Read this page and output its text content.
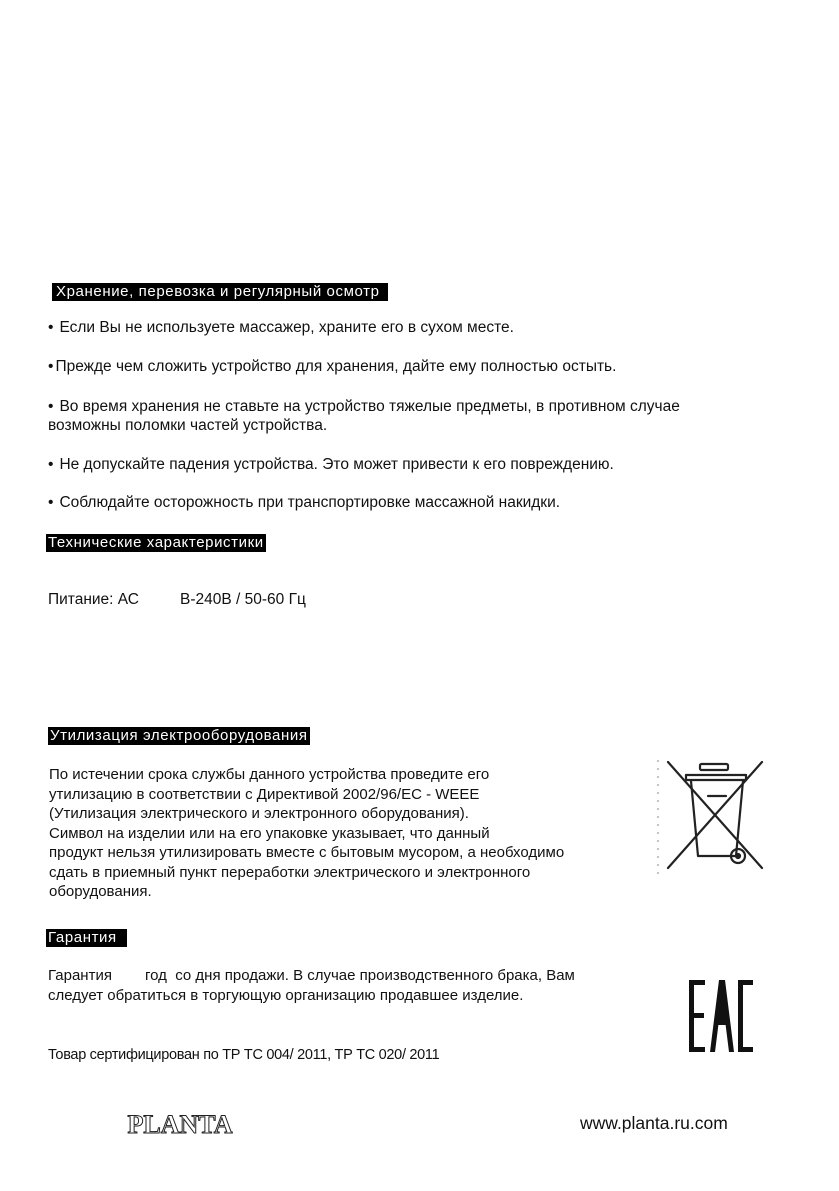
Хранение, перевозка и регулярный осмотр
• Если Вы не используете массажер, храните его в сухом месте.
• Прежде чем сложить устройство для хранения, дайте ему полностью остыть.
• Во время хранения не ставьте на устройство тяжелые предметы, в противном случае
возможны поломки частей устройства.
• Не допускайте падения устройства. Это может привести к его повреждению.
• Соблюдайте осторожность при транспортировке массажной накидки.
Технические характеристики
Питание: АС	В-240В / 50-60 Гц
Утилизация электрооборудования
По истечении срока службы данного устройства проведите его
утилизацию в соответствии с Директивой 2002/96/ЕС - WEEE
(Утилизация электрического и электронного оборудования).
Символ на изделии или на его упаковке указывает, что данный
продукт нельзя утилизировать вместе с бытовым мусором, а необходимо
сдать в приемный пункт переработки электрического и электронного
оборудования.
Гарантия
Гарантия год  со дня продажи. В случае производственного брака, Вам
следует обратиться в торгующую организацию продавшее изделие.
Товар сертифицирован по ТР ТС 004/ 2011, ТР ТС 020/ 2011
PLANTA	www.planta.ru.com
